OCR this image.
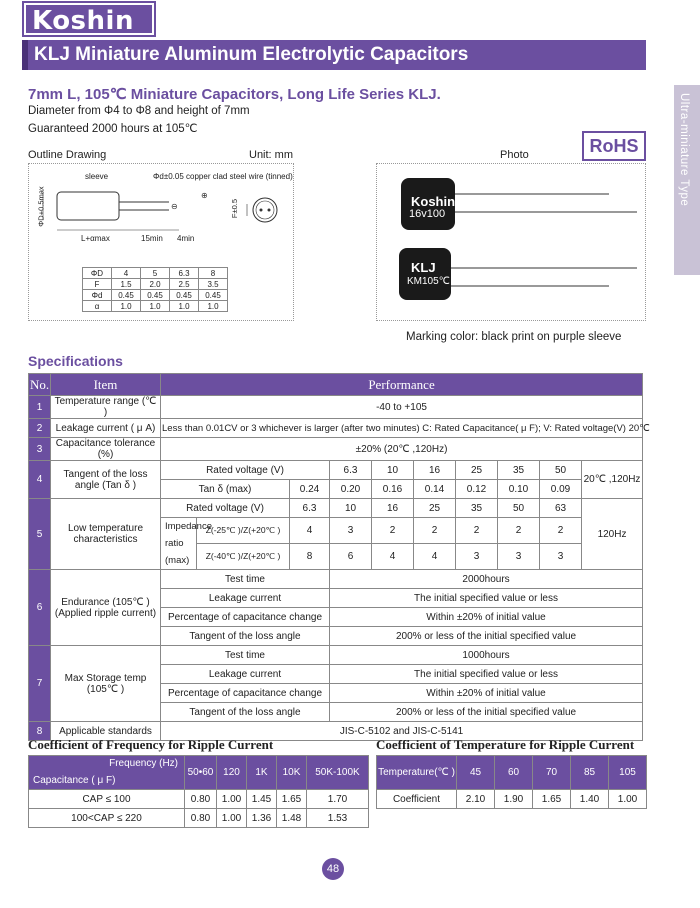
Koshin
KLJ Miniature Aluminum Electrolytic Capacitors
7mm L, 105℃ Miniature Capacitors, Long Life Series KLJ.
Diameter from Φ4 to Φ8 and height of 7mm
Guaranteed 2000 hours at 105℃
RoHS	Ultra-miniature Type
Outline Drawing	Unit: mm	Photo
⊕
⊖
sleeve	Φd±0.05 copper clad steel wire (tinned)
ΦD+0.5max
L+αmax	15min 4min
F±0.5
ΦD	4	5	6.3	8
F	1.5	2.0	2.5	3.5
Φd	0.45	0.45	0.45	0.45
α	1.0	1.0	1.0	1.0
Koshin
16v100
KLJ
KM105℃
Marking color: black print on purple sleeve
Specifications
No.	Item	Performance									
1	Temperature range (℃ )	-40 to +105									
2	Leakage current ( μ A)	Less than 0.01CV or 3 whichever is larger (after two minutes) C: Rated Capacitance( μ F); V: Rated voltage(V) 20℃									
3	Capacitance tolerance (%)	±20% (20℃ ,120Hz)									
4	Tangent of the loss angle (Tan δ )	Rated voltage (V)			6.3	10	16	25	35	50	20℃ ,120Hz
		Tan δ (max)		0.24	0.20	0.16	0.14	0.12	0.10	0.09	
5	Low temperature characteristics	Rated voltage (V)		6.3	10	16	25	35	50	63	120Hz
		Impedance ratio (max)	Z(-25℃ )/Z(+20℃ )	4	3	2	2	2	2	2	
			Z(-40℃ )/Z(+20℃ )	8	6	4	4	3	3	3	
6	Endurance (105℃ ) (Applied ripple current)	Test time			2000hours						
		Leakage current			The initial specified value or less						
		Percentage of capacitance change			Within ±20% of initial value						
		Tangent of the loss angle			200% or less of the initial specified value						
7	Max Storage temp (105℃ )	Test time			1000hours						
		Leakage current			The initial specified value or less						
		Percentage of capacitance change			Within ±20% of initial value						
		Tangent of the loss angle			200% or less of the initial specified value						
8	Applicable standards	JIS-C-5102 and JIS-C-5141									
Coefficient of Frequency for Ripple Current
Frequency (Hz)
Capacitance ( μ F)	50•60	120	1K	10K	50K-100K
CAP ≤ 100	0.80	1.00	1.45	1.65	1.70
100<CAP ≤ 220	0.80	1.00	1.36	1.48	1.53
Coefficient of Temperature for Ripple Current
Temperature(℃ )	45	60	70	85	105
Coefficient	2.10	1.90	1.65	1.40	1.00
48
